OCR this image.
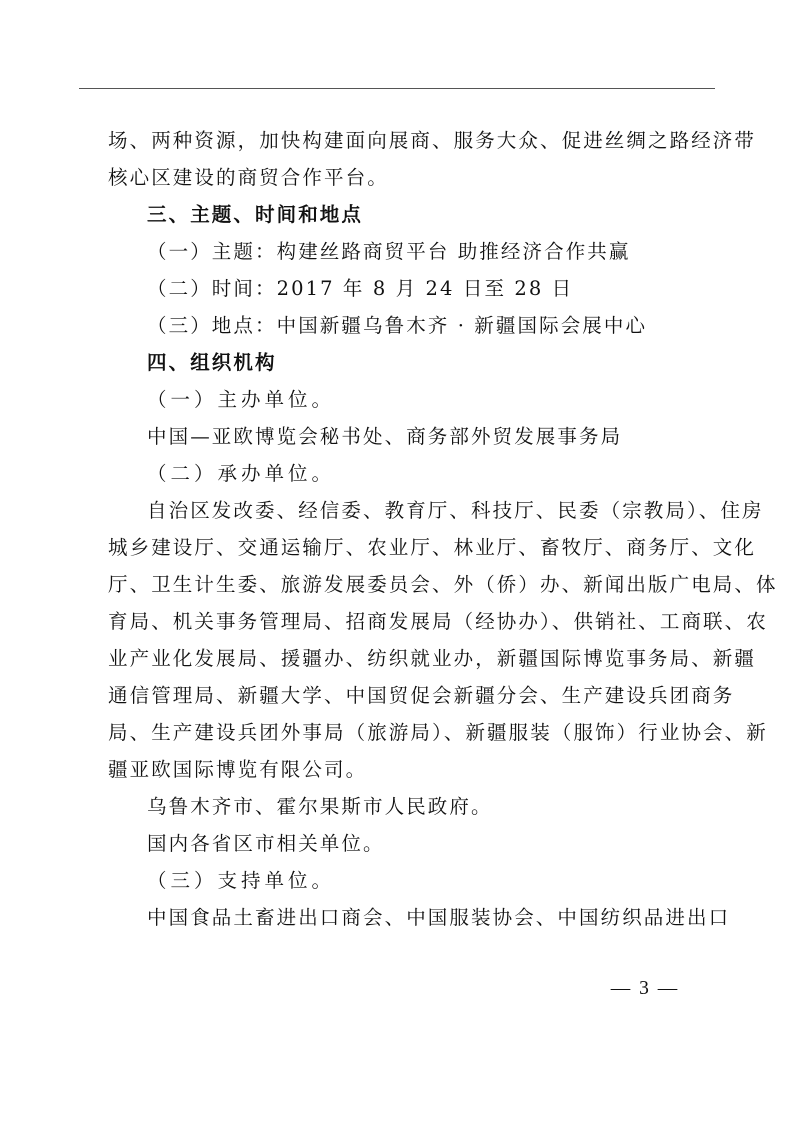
场、两种资源，加快构建面向展商、服务大众、促进丝绸之路经济带

核心区建设的商贸合作平台。

三、主题、时间和地点

（一）主题：构建丝路商贸平台 助推经济合作共赢

（二）时间：2017 年 8 月 24 日至 28 日

（三）地点：中国新疆乌鲁木齐 · 新疆国际会展中心

四、组织机构

（一）主办单位。

中国—亚欧博览会秘书处、商务部外贸发展事务局

（二）承办单位。

自治区发改委、经信委、教育厅、科技厅、民委（宗教局）、住房

城乡建设厅、交通运输厅、农业厅、林业厅、畜牧厅、商务厅、文化

厅、卫生计生委、旅游发展委员会、外（侨）办、新闻出版广电局、体

育局、机关事务管理局、招商发展局（经协办）、供销社、工商联、农

业产业化发展局、援疆办、纺织就业办，新疆国际博览事务局、新疆

通信管理局、新疆大学、中国贸促会新疆分会、生产建设兵团商务

局、生产建设兵团外事局（旅游局）、新疆服装（服饰）行业协会、新

疆亚欧国际博览有限公司。

乌鲁木齐市、霍尔果斯市人民政府。

国内各省区市相关单位。

（三）支持单位。

中国食品土畜进出口商会、中国服装协会、中国纺织品进出口

— 3 —
